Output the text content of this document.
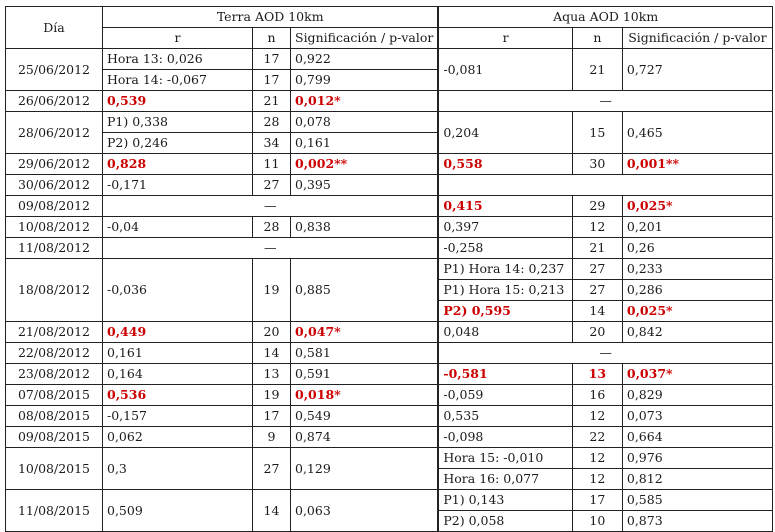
Día	Terra AOD 10km			Aqua AOD 10km		
	r	n	Significación / p-valor	r	n	Significación / p-valor
25/06/2012	Hora 13: 0,026	17	0,922	-0,081	21	0,727
	Hora 14: -0,067	17	0,799			
26/06/2012	0,539	21	0,012*	—		
28/06/2012	P1) 0,338	28	0,078	0,204	15	0,465
	P2) 0,246	34	0,161			
29/06/2012	0,828	11	0,002**	0,558	30	0,001**
30/06/2012	-0,171	27	0,395			
09/08/2012	—			0,415	29	0,025*
10/08/2012	-0,04	28	0,838	0,397	12	0,201
11/08/2012	—			-0,258	21	0,26
18/08/2012	-0,036	19	0,885	P1) Hora 14: 0,237	27	0,233
				P1) Hora 15: 0,213	27	0,286
				P2) 0,595	14	0,025*
21/08/2012	0,449	20	0,047*	0,048	20	0,842
22/08/2012	0,161	14	0,581	—		
23/08/2012	0,164	13	0,591	-0,581	13	0,037*
07/08/2015	0,536	19	0,018*	-0,059	16	0,829
08/08/2015	-0,157	17	0,549	0,535	12	0,073
09/08/2015	0,062	9	0,874	-0,098	22	0,664
10/08/2015	0,3	27	0,129	Hora 15: -0,010	12	0,976
				Hora 16: 0,077	12	0,812
11/08/2015	0,509	14	0,063	P1) 0,143	17	0,585
				P2) 0,058	10	0,873
